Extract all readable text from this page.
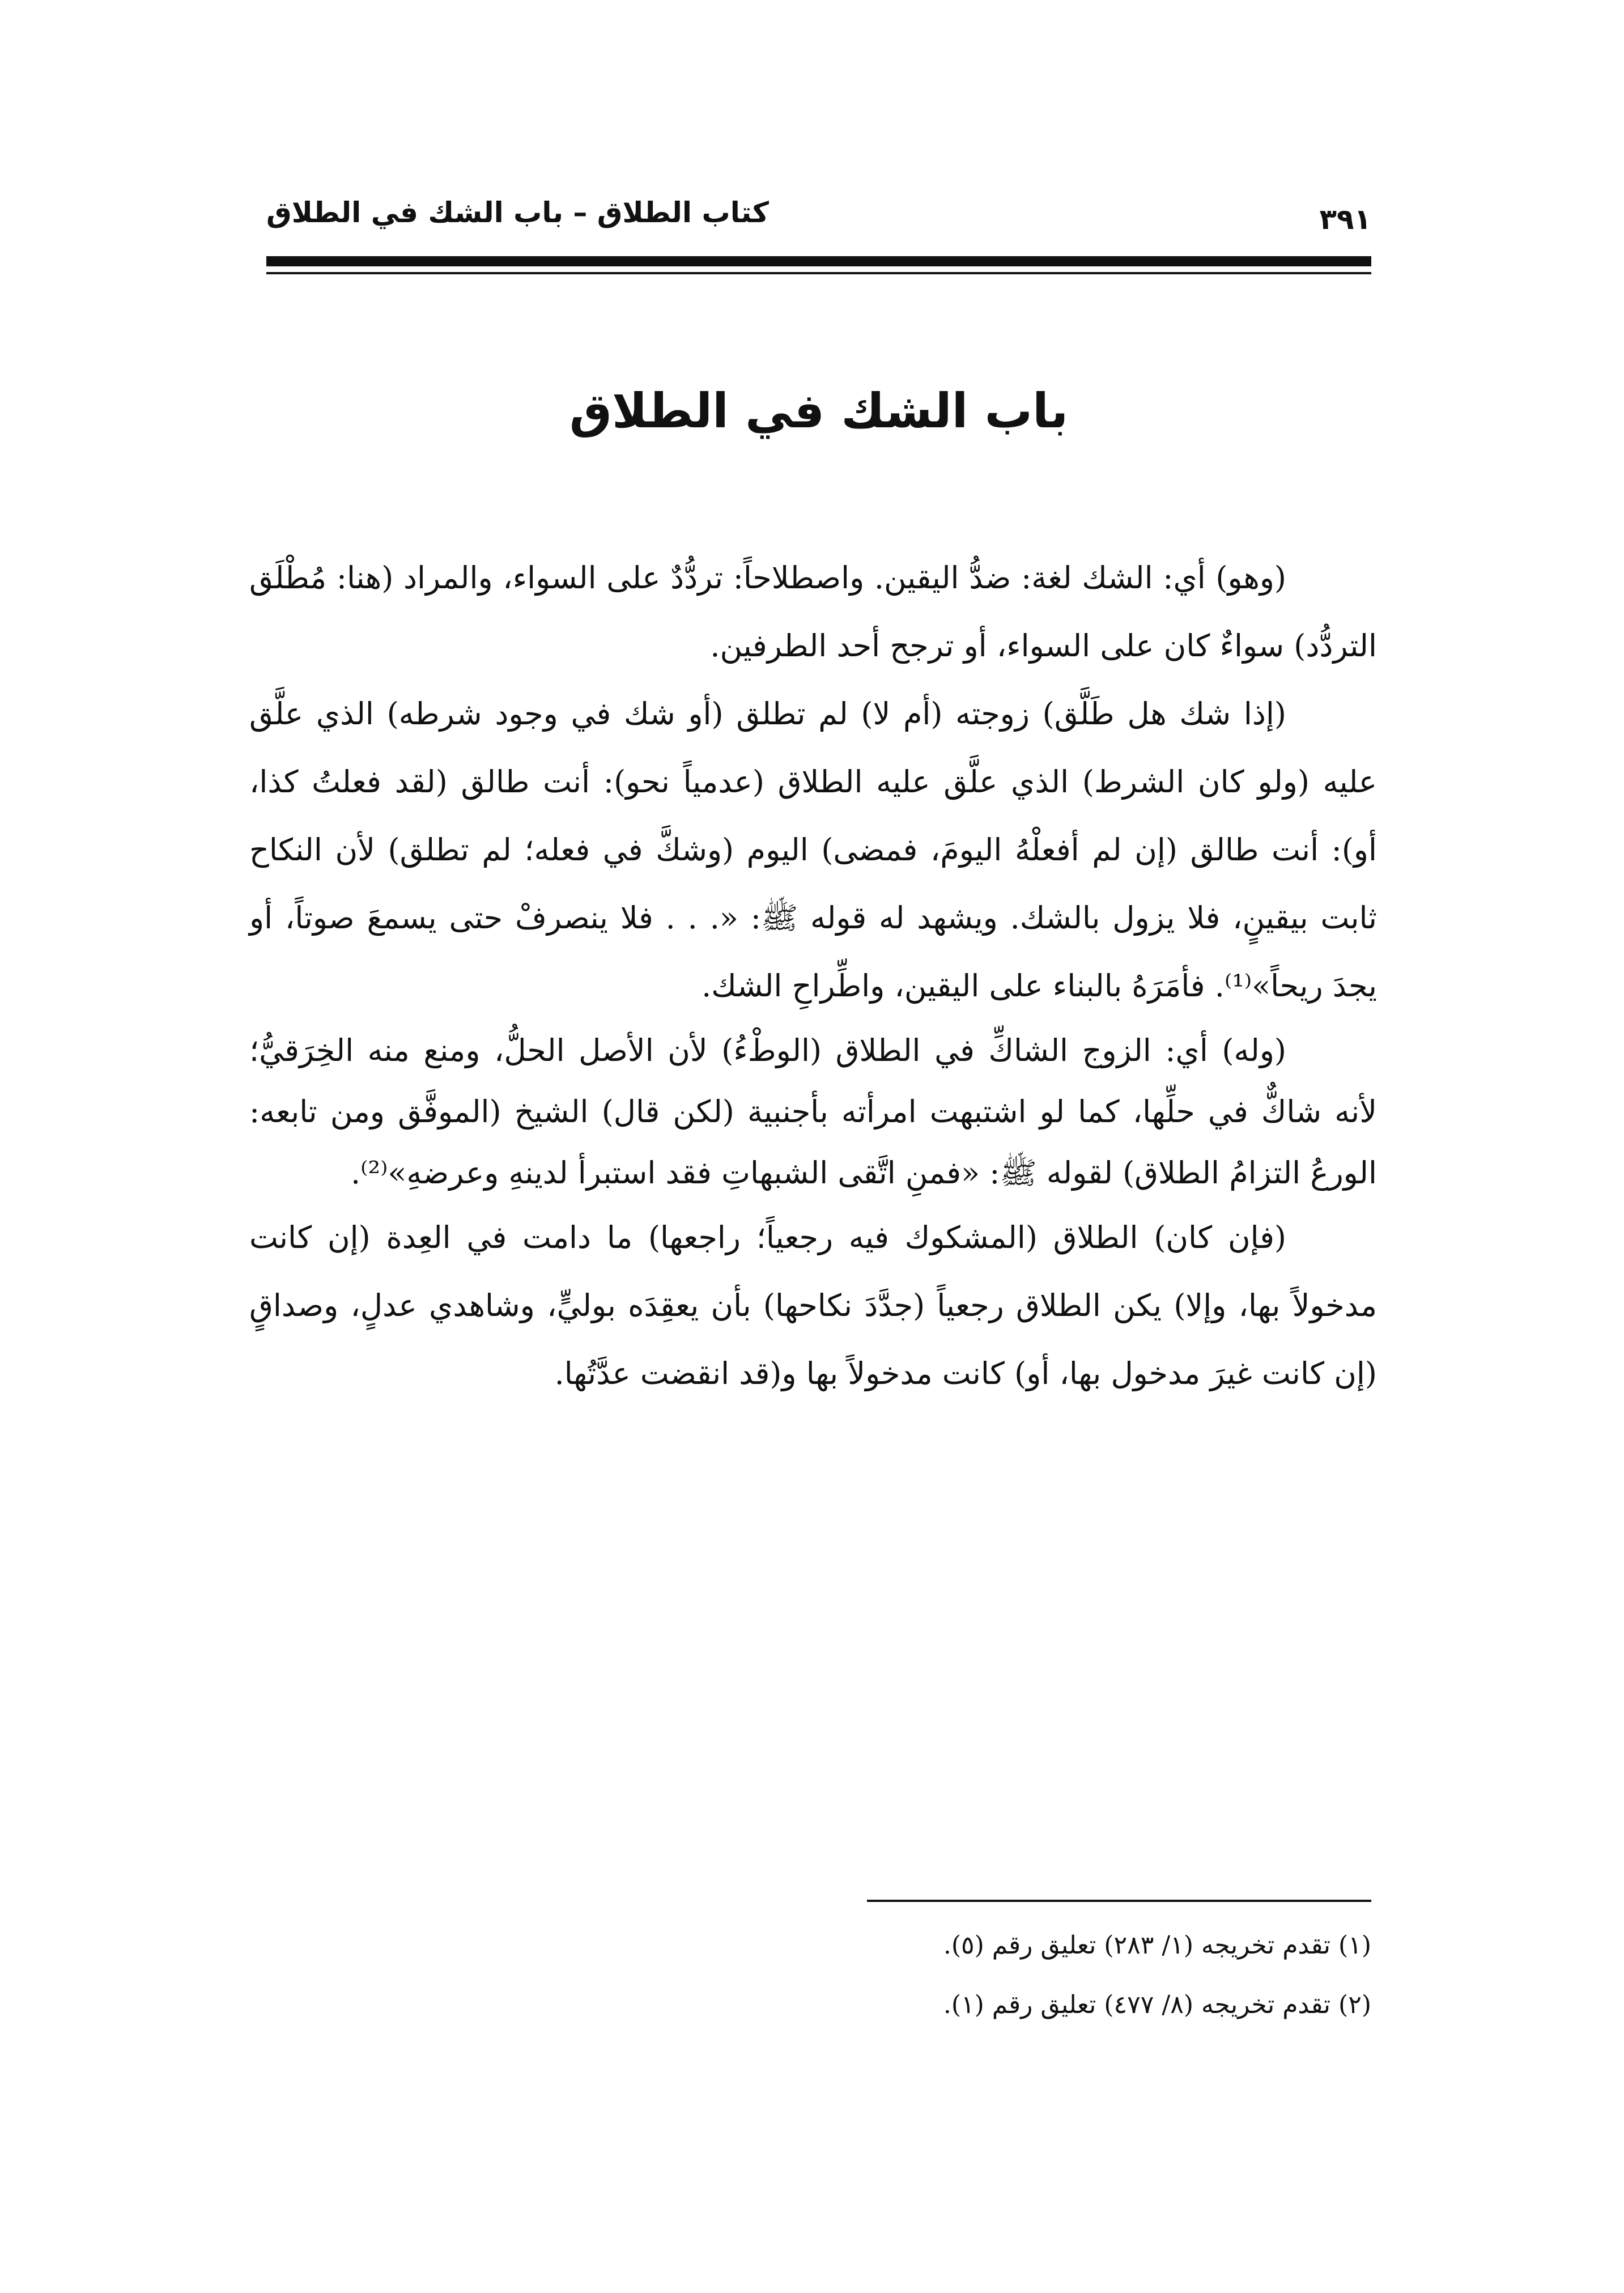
كتاب الطلاق – باب الشك في الطلاق	٣٩١
باب الشك في الطلاق

(وهو) أي: الشك لغة: ضدُّ اليقين. واصطلاحاً: تردُّدٌ على السواء، والمراد (هنا: مُطْلَق التردُّد) سواءٌ كان على السواء، أو ترجح أحد الطرفين.

(إذا شك هل طَلَّق) زوجته (أم لا) لم تطلق (أو شك في وجود شرطه) الذي علَّق عليه (ولو كان الشرط) الذي علَّق عليه الطلاق (عدمياً نحو): أنت طالق (لقد فعلتُ كذا، أو): أنت طالق (إن لم أفعلْهُ اليومَ، فمضى) اليوم (وشكَّ في فعله؛ لم تطلق) لأن النكاح ثابت بيقينٍ، فلا يزول بالشك. ويشهد له قوله ﷺ: «. . . فلا ينصرفْ حتى يسمعَ صوتاً، أو يجدَ ريحاً»⁽¹⁾. فأمَرَهُ بالبناء على اليقين، واطِّراحِ الشك.

(وله) أي: الزوج الشاكِّ في الطلاق (الوطْءُ) لأن الأصل الحلُّ، ومنع منه الخِرَقيُّ؛ لأنه شاكٌّ في حلِّها، كما لو اشتبهت امرأته بأجنبية (لكن قال) الشيخ (الموفَّق ومن تابعه: الورعُ التزامُ الطلاق) لقوله ﷺ: «فمنِ اتَّقى الشبهاتِ فقد استبرأ لدينهِ وعرضهِ»⁽²⁾.

(فإن كان) الطلاق (المشكوك فيه رجعياً؛ راجعها) ما دامت في العِدة (إن كانت مدخولاً بها، وإلا) يكن الطلاق رجعياً (جدَّدَ نكاحها) بأن يعقِدَه بوليٍّ، وشاهدي عدلٍ، وصداقٍ (إن كانت غيرَ مدخول بها، أو) كانت مدخولاً بها و(قد انقضت عدَّتُها.

(١) تقدم تخريجه (١/ ٢٨٣) تعليق رقم (٥).

(٢) تقدم تخريجه (٨/ ٤٧٧) تعليق رقم (١).
